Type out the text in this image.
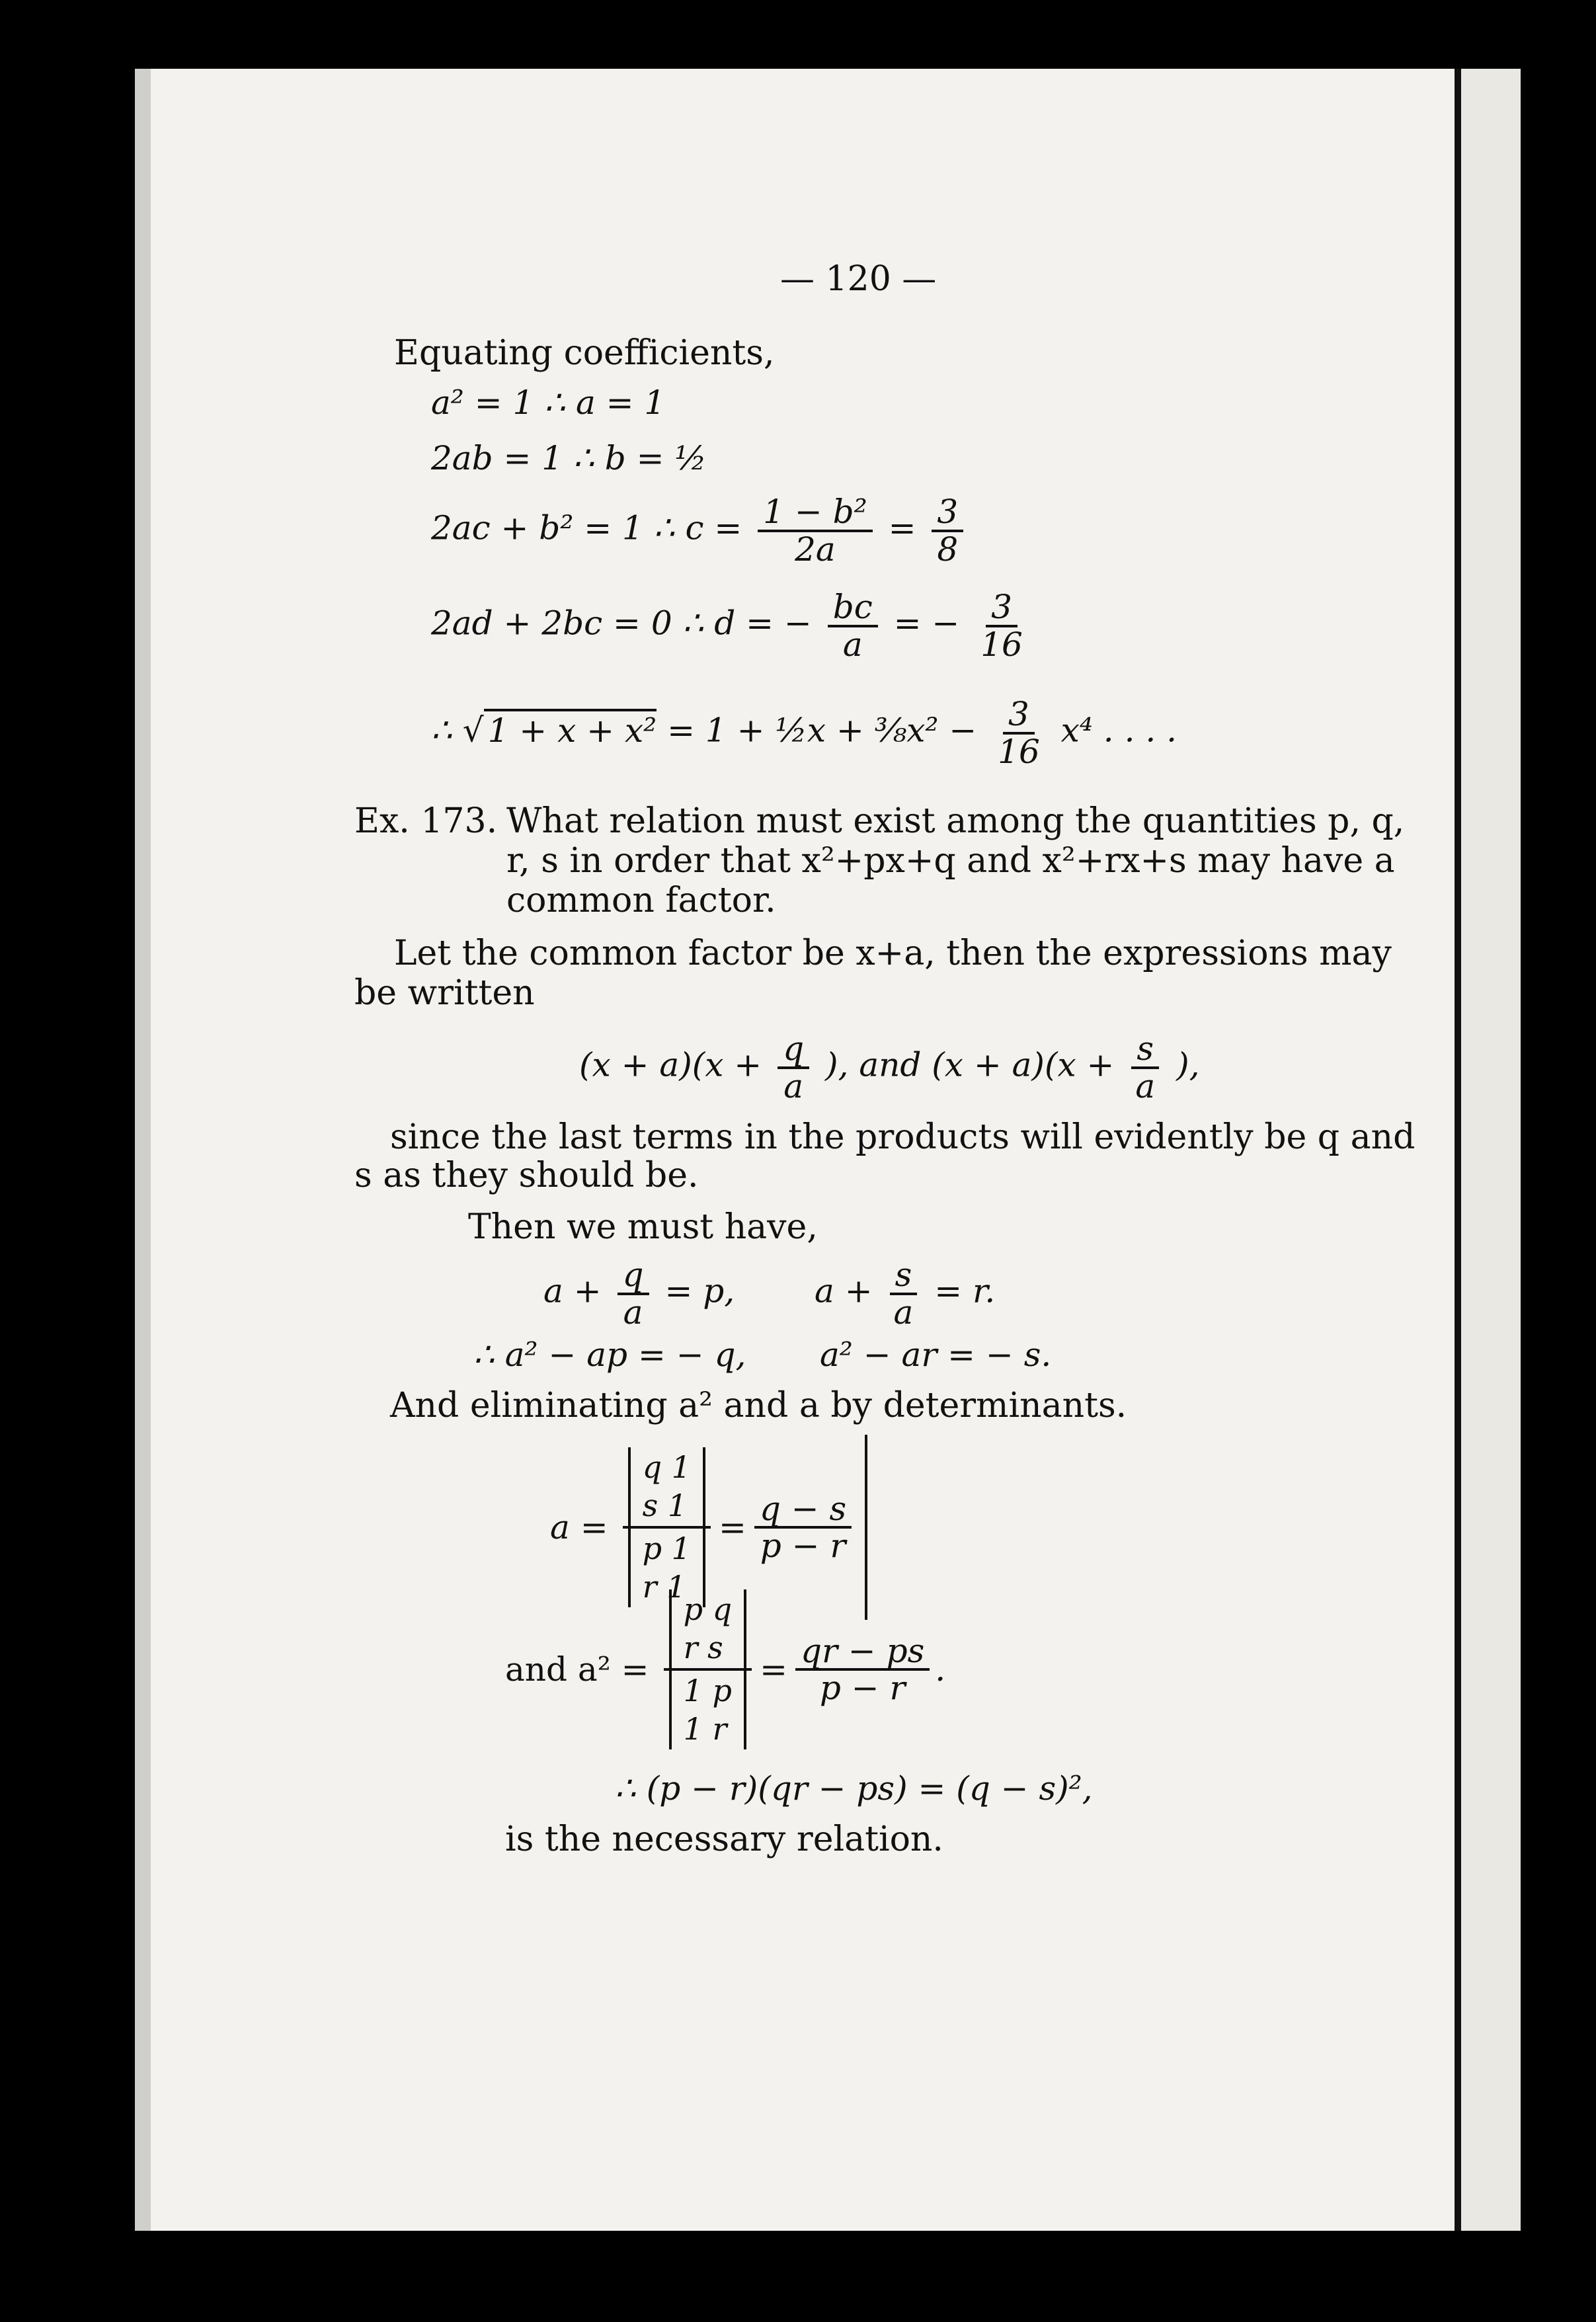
— 120 —
Equating coefficients,
a² = 1 ∴ a = 1
2ab = 1 ∴ b = ½
2ac + b² = 1 ∴ $c = \frac{\text{1 − b²}}{2a} = \frac{3}{8}$
2ad + 2bc = 0 ∴ d = − $\frac{bc}{a}$ = − $\frac{3}{16}$
∴ √ 1 + x + x² = 1 + ½x + ⅜x² − $\frac{3}{16} x^4$ . . . .
Ex. 173. What relation must exist among the quantities p, q,
r, s in order that x²+px+q and x²+rx+s may have a
common factor.
Let the common factor be x+a, then the expressions may
be written
$(x + a)(x + \frac{q}{a}$ ), and $(x + a)(x + \frac{s}{a}$ ),
since the last terms in the products will evidently be q and
s as they should be.
Then we must have,
$a + \frac{q}{a} = p$, $a + \frac{s}{a} = r$.
∴ a² − ap = − q, a² − ar = − s.
And eliminating a² and a by determinants.
a =
q 1
s 1
p 1
r 1
= $\frac{q - s}{p - r}$
and a² =
p q
r s
1 p
1 r
= $\frac{qr - ps}{p - r}$ .
∴ (p − r)(qr − ps) = (q − s)²,
is the necessary relation.
